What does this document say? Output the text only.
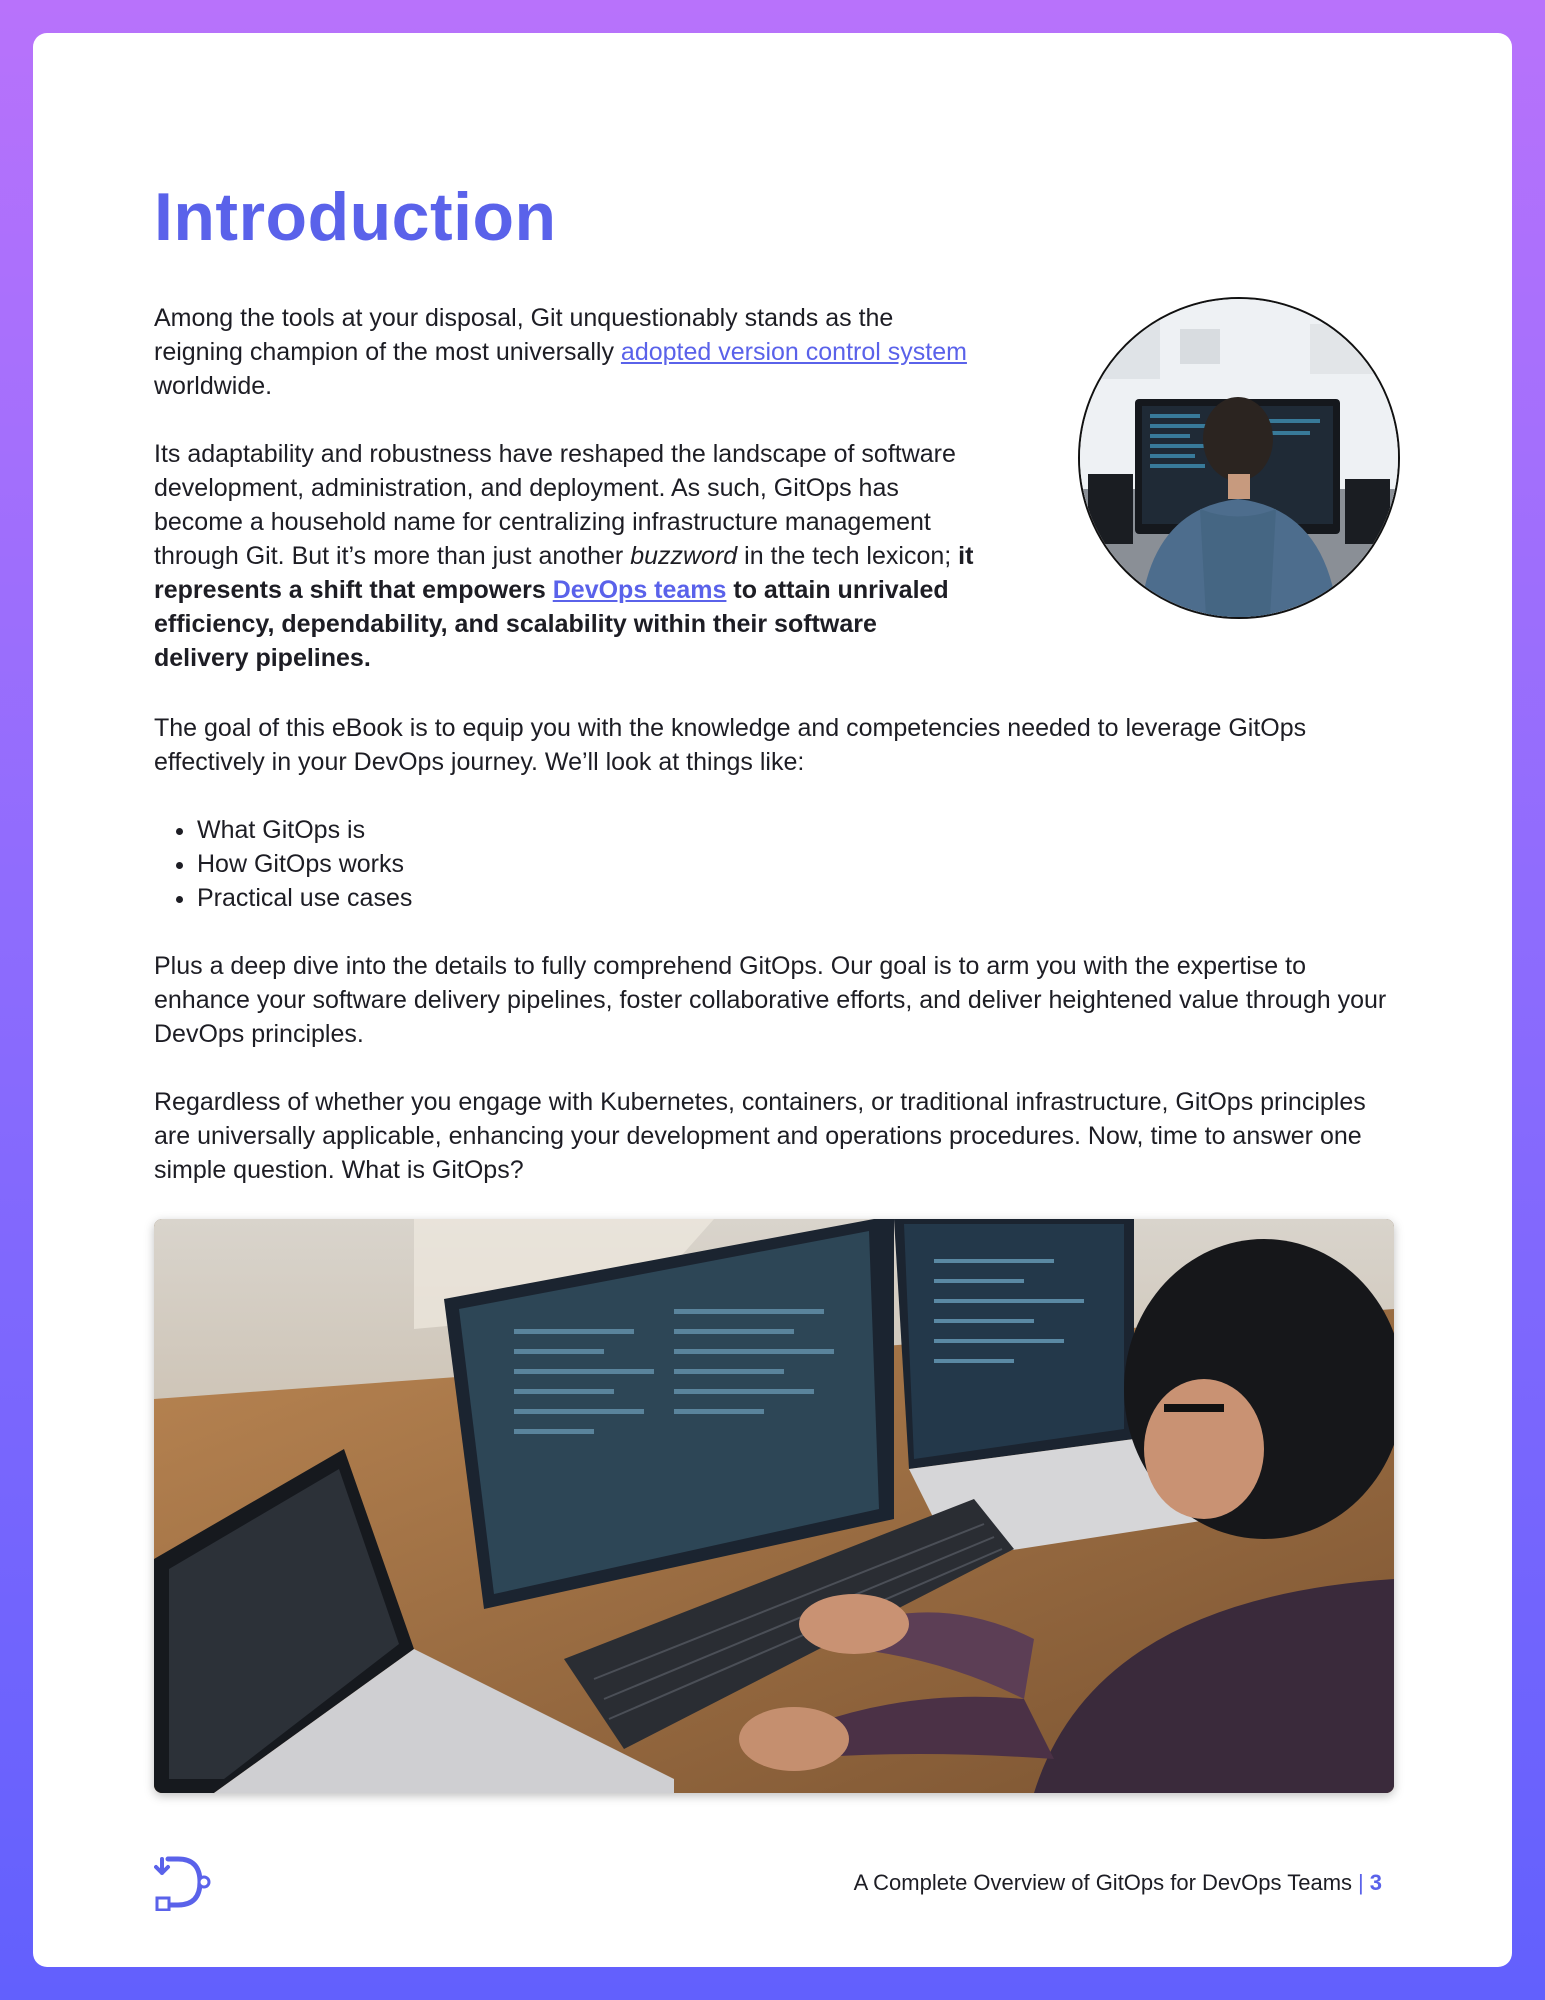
Introduction

Among the tools at your disposal, Git unquestionably stands as the reigning champion of the most universally adopted version control system worldwide.

Its adaptability and robustness have reshaped the landscape of software development, administration, and deployment. As such, GitOps has become a household name for centralizing infrastructure management through Git. But it’s more than just another buzzword in the tech lexicon; it represents a shift that empowers DevOps teams to attain unrivaled efficiency, dependability, and scalability within their software delivery pipelines.

The goal of this eBook is to equip you with the knowledge and competencies needed to leverage GitOps effectively in your DevOps journey. We’ll look at things like:

• What GitOps is
• How GitOps works
• Practical use cases

Plus a deep dive into the details to fully comprehend GitOps. Our goal is to arm you with the expertise to enhance your software delivery pipelines, foster collaborative efforts, and deliver heightened value through your DevOps principles.

Regardless of whether you engage with Kubernetes, containers, or traditional infrastructure, GitOps principles are universally applicable, enhancing your development and operations procedures. Now, time to answer one simple question. What is GitOps?

A Complete Overview of GitOps for DevOps Teams | 3
